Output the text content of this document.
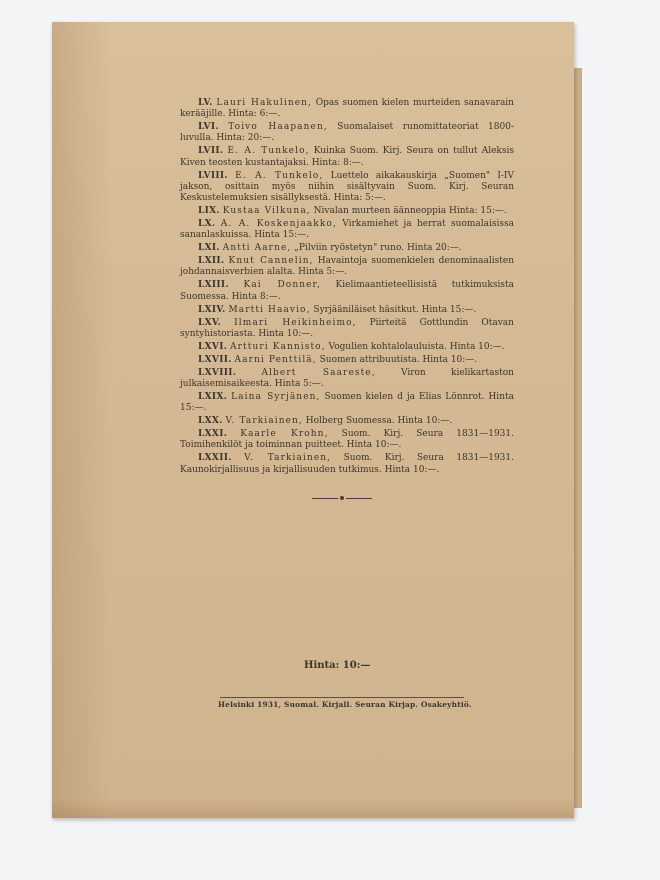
LV. Lauri Hakulinen, Opas suomen kielen murteiden sanavarain kerääjille. Hinta: 6:—.
LVI. Toivo Haapanen, Suomalaiset runomittateoriat 1800-luvulla. Hinta: 20:—.
LVII. E. A. Tunkelo, Kuinka Suom. Kirj. Seura on tullut Aleksis Kiven teosten kustantajaksi. Hinta: 8:—.
LVIII. E. A. Tunkelo, Luettelo aikakauskirja „Suomen" I-IV jakson, osittain myös niihin sisältyvain Suom. Kirj. Seuran Keskustelemuksien sisällyksestä. Hinta: 5:—.
LIX. Kustaa Vilkuna, Nivalan murteen äänneoppia Hinta: 15:—.
LX. A. A. Koskenjaakko, Virkamiehet ja herrat suomalaisissa sananlaskuissa. Hinta 15:—.
LXI. Antti Aarne, „Pilviin ryöstetyn" runo. Hinta 20:—.
LXII. Knut Cannelin, Havaintoja suomenkielen denominaalisten johdannaisverbien alalta. Hinta 5:—.
LXIII. Kai Donner, Kielimaantieteellisistä tutkimuksista Suomessa. Hinta 8:—.
LXIV. Martti Haavio, Syrjääniläiset häsitkut. Hinta 15:—.
LXV. Ilmari Heikinheimo, Piirteitä Gottlundin Otavan syntyhistoriasta. Hinta 10:—.
LXVI. Artturi Kannisto, Vogulien kohtalolauluista. Hinta 10:—.
LXVII. Aarni Penttilä, Suomen attribuutista. Hinta 10:—.
LXVIII.	Albert Saareste,	Viron kielikartaston julkaisemisaikeesta. Hinta 5:—.
LXIX. Laina Syrjänen, Suomen kielen d ja Elias Lönnrot. Hinta 15:—.
LXX. V. Tarkiainen, Holberg Suomessa. Hinta 10:—.
LXXI. Kaarle Krohn, Suom. Kirj. Seura 1831—1931. Toimihenkilöt ja toiminnan puitteet. Hinta 10:—.
LXXII. V. Tarkiainen, Suom. Kirj. Seura 1831—1931. Kaunokirjallisuus ja kirjallisuuden tutkimus. Hinta 10:—.
Hinta: 10:—
Helsinki 1931, Suomal. Kirjall. Seuran Kirjap. Osakeyhtiö.
